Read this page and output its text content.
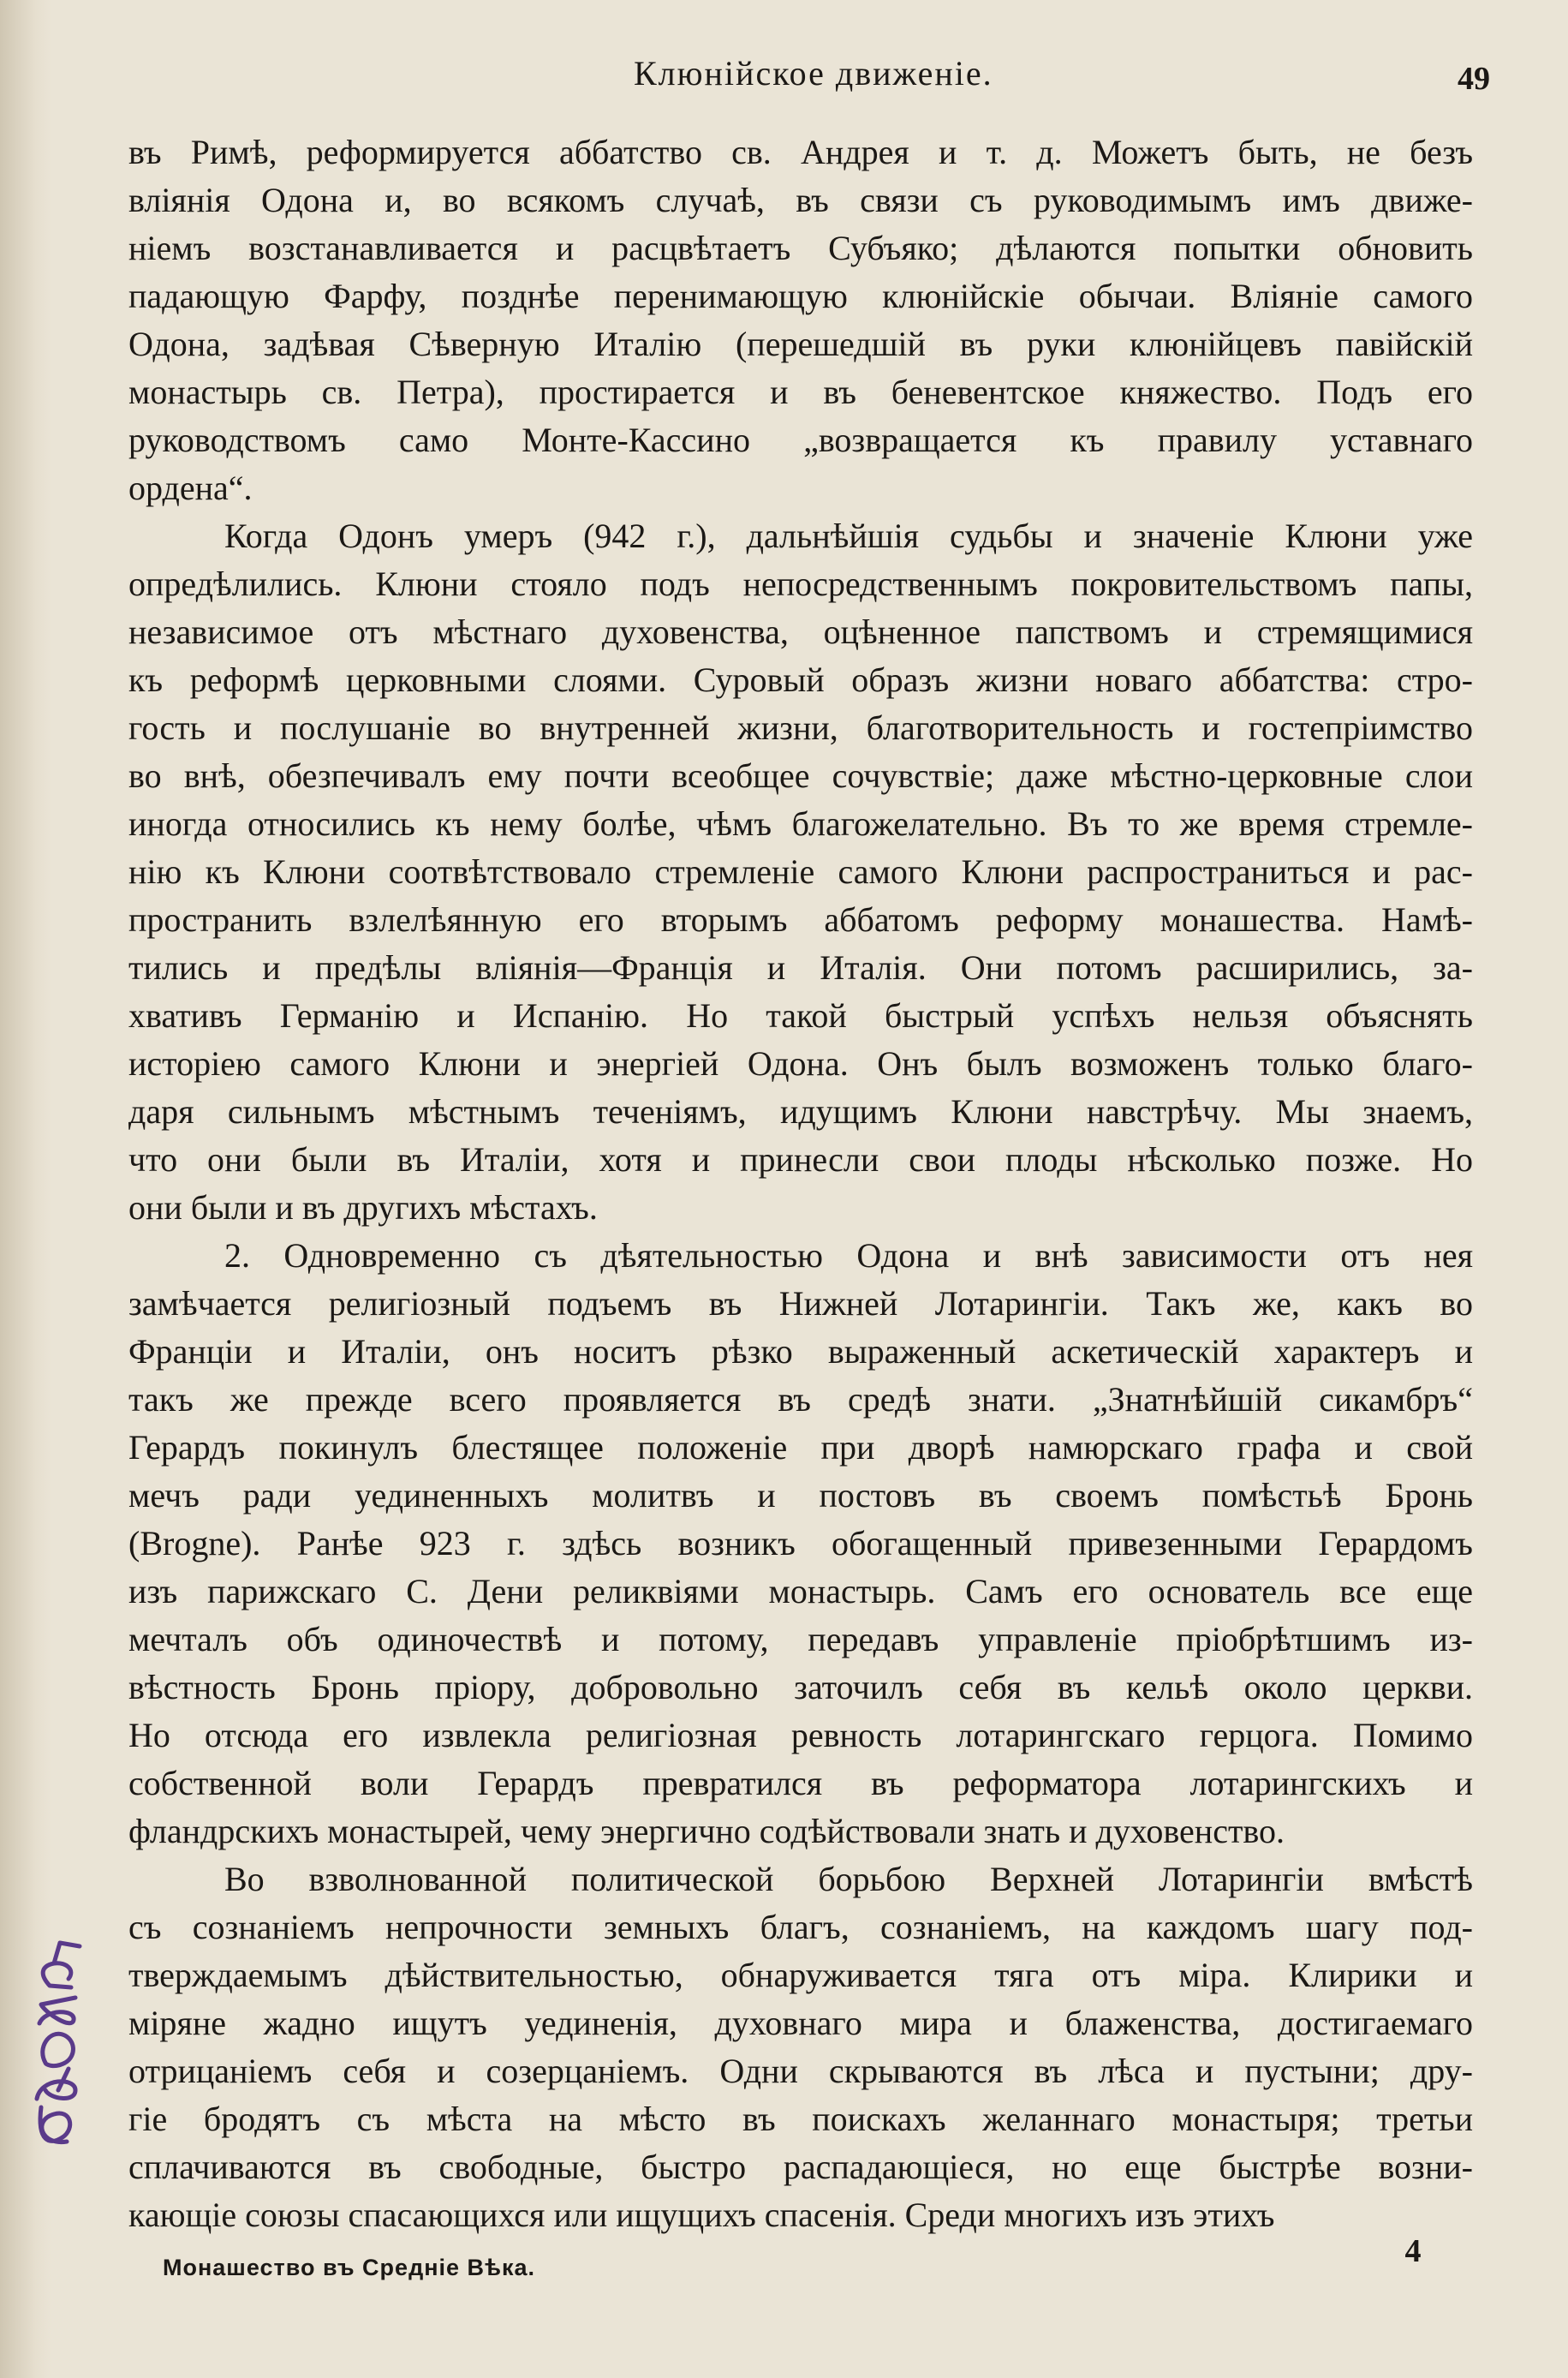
Клюнійское движеніе.	49
въ Римѣ, реформируется аббатство св. Андрея и т. д. Можетъ быть, не безъ
вліянія Одона и, во всякомъ случаѣ, въ связи съ руководимымъ имъ движе-
ніемъ возстанавливается и расцвѣтаетъ Субъяко; дѣлаются попытки обновить
падающую Фарфу, позднѣе перенимающую клюнійскіе обычаи. Вліяніе самого
Одона, задѣвая Сѣверную Италію (перешедшій въ руки клюнійцевъ павійскій
монастырь св. Петра), простирается и въ беневентское княжество. Подъ его
руководствомъ само Монте-Кассино „возвращается къ правилу уставнаго
ордена“.
Когда Одонъ умеръ (942 г.), дальнѣйшія судьбы и значеніе Клюни уже
опредѣлились. Клюни стояло подъ непосредственнымъ покровительствомъ папы,
независимое отъ мѣстнаго духовенства, оцѣненное папствомъ и стремящимися
къ реформѣ церковными слоями. Суровый образъ жизни новаго аббатства: стро-
гость и послушаніе во внутренней жизни, благотворительность и гостепріимство
во внѣ, обезпечивалъ ему почти всеобщее сочувствіе; даже мѣстно-церковные слои
иногда относились къ нему болѣе, чѣмъ благожелательно. Въ то же время стремле-
нію къ Клюни соотвѣтствовало стремленіе самого Клюни распространиться и рас-
пространить взлелѣянную его вторымъ аббатомъ реформу монашества. Намѣ-
тились и предѣлы вліянія—Франція и Италія. Они потомъ расширились, за-
хвативъ Германію и Испанію. Но такой быстрый успѣхъ нельзя объяснять
исторіею самого Клюни и энергіей Одона. Онъ былъ возможенъ только благо-
даря сильнымъ мѣстнымъ теченіямъ, идущимъ Клюни навстрѣчу. Мы знаемъ,
что они были въ Италіи, хотя и принесли свои плоды нѣсколько позже. Но
они были и въ другихъ мѣстахъ.
2. Одновременно съ дѣятельностью Одона и внѣ зависимости отъ нея
замѣчается религіозный подъемъ въ Нижней Лотарингіи. Такъ же, какъ во
Франціи и Италіи, онъ носитъ рѣзко выраженный аскетическій характеръ и
такъ же прежде всего проявляется въ средѣ знати. „Знатнѣйшій сикамбръ“
Герардъ покинулъ блестящее положеніе при дворѣ намюрскаго графа и свой
мечъ ради уединенныхъ молитвъ и постовъ въ своемъ помѣстьѣ Бронь
(Brogne). Ранѣе 923 г. здѣсь возникъ обогащенный привезенными Герардомъ
изъ парижскаго С. Дени реликвіями монастырь. Самъ его основатель все еще
мечталъ объ одиночествѣ и потому, передавъ управленіе пріобрѣтшимъ из-
вѣстность Бронь пріору, добровольно заточилъ себя въ кельѣ около церкви.
Но отсюда его извлекла религіозная ревность лотарингскаго герцога. Помимо
собственной воли Герардъ превратился въ реформатора лотарингскихъ и
фландрскихъ монастырей, чему энергично содѣйствовали знать и духовенство.
Во взволнованной политической борьбою Верхней Лотарингіи вмѣстѣ
съ сознаніемъ непрочности земныхъ благъ, сознаніемъ, на каждомъ шагу под-
тверждаемымъ дѣйствительностью, обнаруживается тяга отъ міра. Клирики и
міряне жадно ищутъ уединенія, духовнаго мира и блаженства, достигаемаго
отрицаніемъ себя и созерцаніемъ. Одни скрываются въ лѣса и пустыни; дру-
гіе бродятъ съ мѣста на мѣсто въ поискахъ желаннаго монастыря; третьи
сплачиваются въ свободные, быстро распадающіеся, но еще быстрѣе возни-
кающіе союзы спасающихся или ищущихъ спасенія. Среди многихъ изъ этихъ
Монашество въ Средніе Вѣка.	4
